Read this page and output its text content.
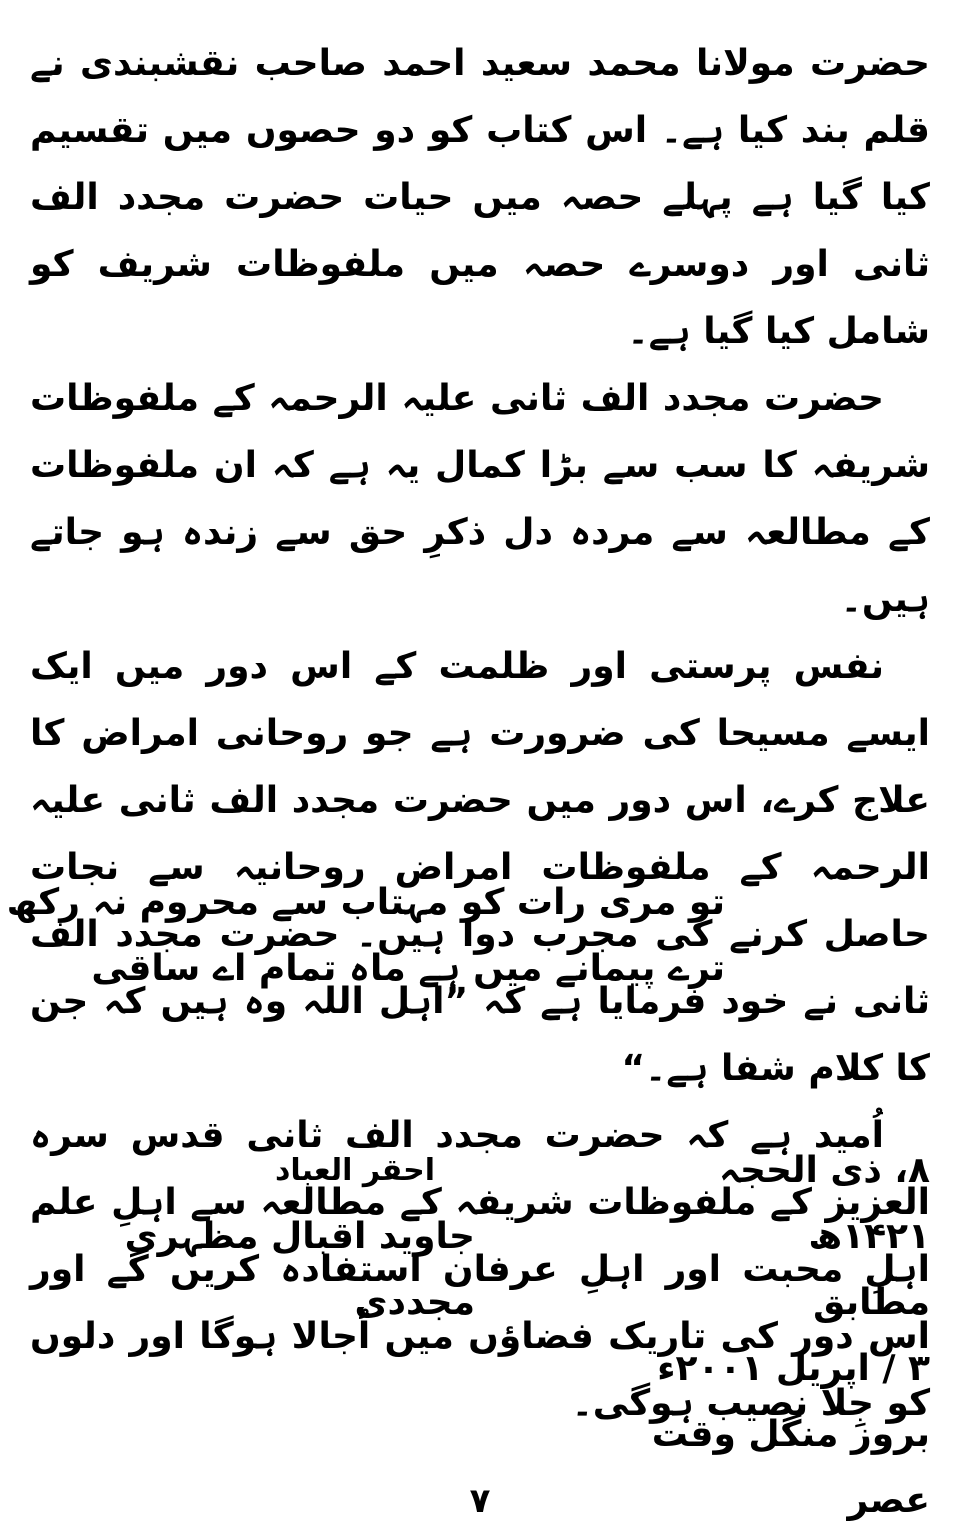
حضرت مولانا محمد سعید احمد صاحب نقشبندی نے قلم بند کیا ہے۔ اس کتاب کو دو حصوں میں تقسیم کیا گیا ہے پہلے حصہ میں حیات حضرت مجدد الف ثانی اور دوسرے حصہ میں ملفوظات شریف کو شامل کیا گیا ہے۔

حضرت مجدد الف ثانی علیہ الرحمہ کے ملفوظات شریفہ کا سب سے بڑا کمال یہ ہے کہ ان ملفوظات کے مطالعہ سے مردہ دل ذکرِ حق سے زندہ ہو جاتے ہیں۔

نفس پرستی اور ظلمت کے اس دور میں ایک ایسے مسیحا کی ضرورت ہے جو روحانی امراض کا علاج کرے، اس دور میں حضرت مجدد الف ثانی علیہ الرحمہ کے ملفوظات امراض روحانیہ سے نجات حاصل کرنے کی مجرب دوا ہیں۔ حضرت مجدد الف ثانی نے خود فرمایا ہے کہ ”اہل اللہ وہ ہیں کہ جن کا کلام شفا ہے۔“

اُمید ہے کہ حضرت مجدد الف ثانی قدس سرہ العزیز کے ملفوظات شریفہ کے مطالعہ سے اہلِ علم اہلِ محبت اور اہلِ عرفان استفادہ کریں گے اور اس دور کی تاریک فضاؤں میں اُجالا ہوگا اور دلوں کو جِلا نصیب ہوگی۔

تو مری رات کو مہتاب سے محروم نہ رکھ
ترے پیمانے میں ہے ماہ تمام اے ساقی
۸، ذی الحجہ ۱۴۲۱ھ
مطابق
۳ / اپریل ۲۰۰۱ء
بروز منگل وقت عصر
احقر العباد
جاوید اقبال مظہری مجددی
۷
